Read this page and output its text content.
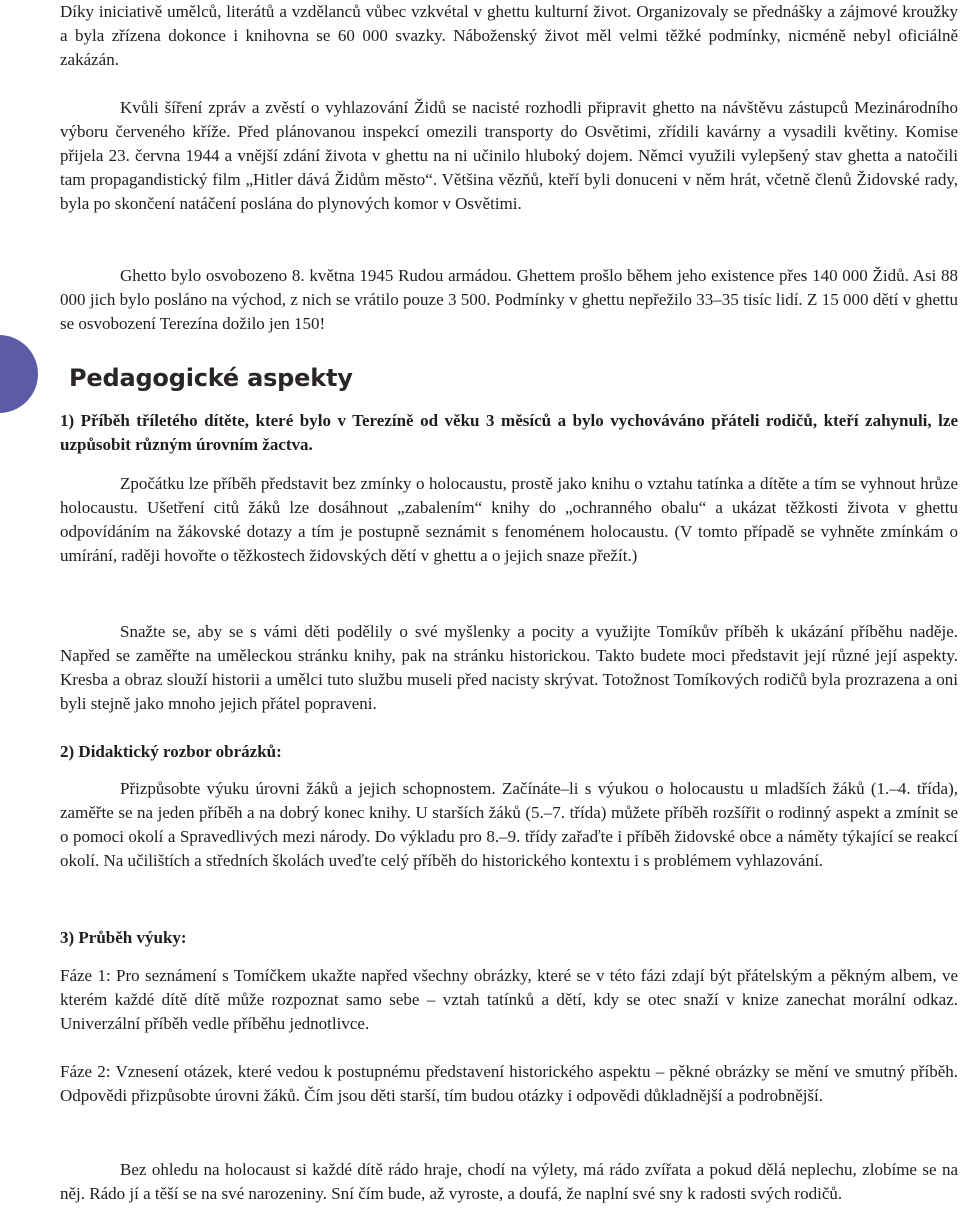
Pedagogické aspekty

Díky iniciativě umělců, literátů a vzdělanců vůbec vzkvétal v ghettu kulturní život. Organizovaly se přednášky a zájmové kroužky a byla zřízena dokonce i knihovna se 60 000 svazky. Náboženský život měl velmi těžké podmínky, nicméně nebyl oficiálně zakázán.

Kvůli šíření zpráv a zvěstí o vyhlazování Židů se nacisté rozhodli připravit ghetto na návštěvu zástupců Mezinárodního výboru červeného kříže. Před plánovanou inspekcí omezili transporty do Osvětimi, zřídili kavárny a vysadili květiny. Komise přijela 23. června 1944 a vnější zdání života v ghettu na ni učinilo hluboký dojem. Němci využili vylepšený stav ghetta a natočili tam propagandistický film „Hitler dává Židům město“. Většina vězňů, kteří byli donuceni v něm hrát, včetně členů Židovské rady, byla po skončení natáčení poslána do plynových komor v Osvětimi.

Ghetto bylo osvobozeno 8. května 1945 Rudou armádou. Ghettem prošlo během jeho existence přes 140 000 Židů. Asi 88 000 jich bylo posláno na východ, z nich se vrátilo pouze 3 500. Podmínky v ghettu nepřežilo 33–35 tisíc lidí. Z 15 000 dětí v ghettu se osvobození Terezína dožilo jen 150!

1) Příběh tříletého dítěte, které bylo v Terezíně od věku 3 měsíců a bylo vychováváno přáteli rodičů, kteří zahynuli, lze uzpůsobit různým úrovním žactva.

Zpočátku lze příběh představit bez zmínky o holocaustu, prostě jako knihu o vztahu tatínka a dítěte a tím se vyhnout hrůze holocaustu. Ušetření citů žáků lze dosáhnout „zabalením“ knihy do „ochranného obalu“ a ukázat těžkosti života v ghettu odpovídáním na žákovské dotazy a tím je postupně seznámit s fenoménem holocaustu. (V tomto případě se vyhněte zmínkám o umírání, raději hovořte o těžkostech židovských dětí v ghettu a o jejich snaze přežít.)

Snažte se, aby se s vámi děti podělily o své myšlenky a pocity a využijte Tomíkův příběh k ukázání příběhu naděje. Napřed se zaměřte na uměleckou stránku knihy, pak na stránku historickou. Takto budete moci představit její různé její aspekty. Kresba a obraz slouží historii a umělci tuto službu museli před nacisty skrývat. Totožnost Tomíkových rodičů byla prozrazena a oni byli stejně jako mnoho jejich přátel popraveni.

2) Didaktický rozbor obrázků:

Přizpůsobte výuku úrovni žáků a jejich schopnostem. Začínáte–li s výukou o holocaustu u mladších žáků (1.–4. třída), zaměřte se na jeden příběh a na dobrý konec knihy. U starších žáků (5.–7. třída) můžete příběh rozšířit o rodinný aspekt a zmínit se o pomoci okolí a Spravedlivých mezi národy. Do výkladu pro 8.–9. třídy zařaďte i příběh židovské obce a náměty týkající se reakcí okolí. Na učilištích a středních školách uveďte celý příběh do historického kontextu i s problémem vyhlazování.

3) Průběh výuky:

Fáze 1: Pro seznámení s Tomíčkem ukažte napřed všechny obrázky, které se v této fázi zdají být přátelským a pěkným albem, ve kterém každé dítě dítě může rozpoznat samo sebe – vztah tatínků a dětí, kdy se otec snaží v knize zanechat morální odkaz. Univerzální příběh vedle příběhu jednotlivce.

Fáze 2: Vznesení otázek, které vedou k postupnému představení historického aspektu – pěkné obrázky se mění ve smutný příběh. Odpovědi přizpůsobte úrovni žáků. Čím jsou děti starší, tím budou otázky i odpovědi důkladnější a podrobnější.

Bez ohledu na holocaust si každé dítě rádo hraje, chodí na výlety, má rádo zvířata a pokud dělá neplechu, zlobíme se na něj. Rádo jí a těší se na své narozeniny. Sní čím bude, až vyroste, a doufá, že naplní své sny k radosti svých rodičů.
